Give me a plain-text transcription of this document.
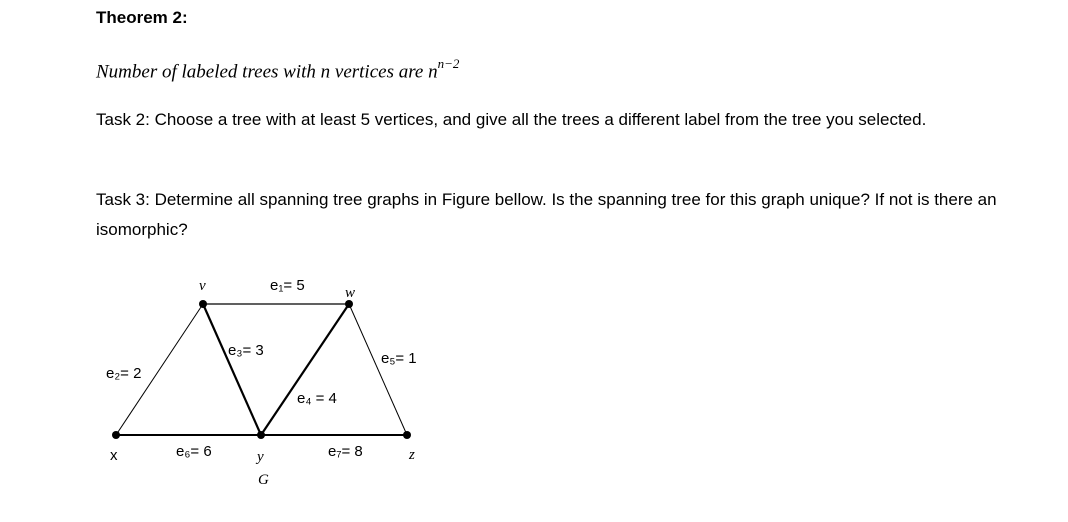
Theorem 2:
Number of labeled trees with n vertices are $n^{n-2}$
Task 2: Choose a tree with at least 5 vertices, and give all the trees a different label from the tree you selected.
Task 3: Determine all spanning tree graphs in Figure bellow. Is the spanning tree for this graph unique? If not is there an isomorphic?
v	w
x	y	z
G
e₁= 5
e₂= 2
e₃= 3
e₄ = 4
e₅= 1
e₆= 6	e₇= 8
